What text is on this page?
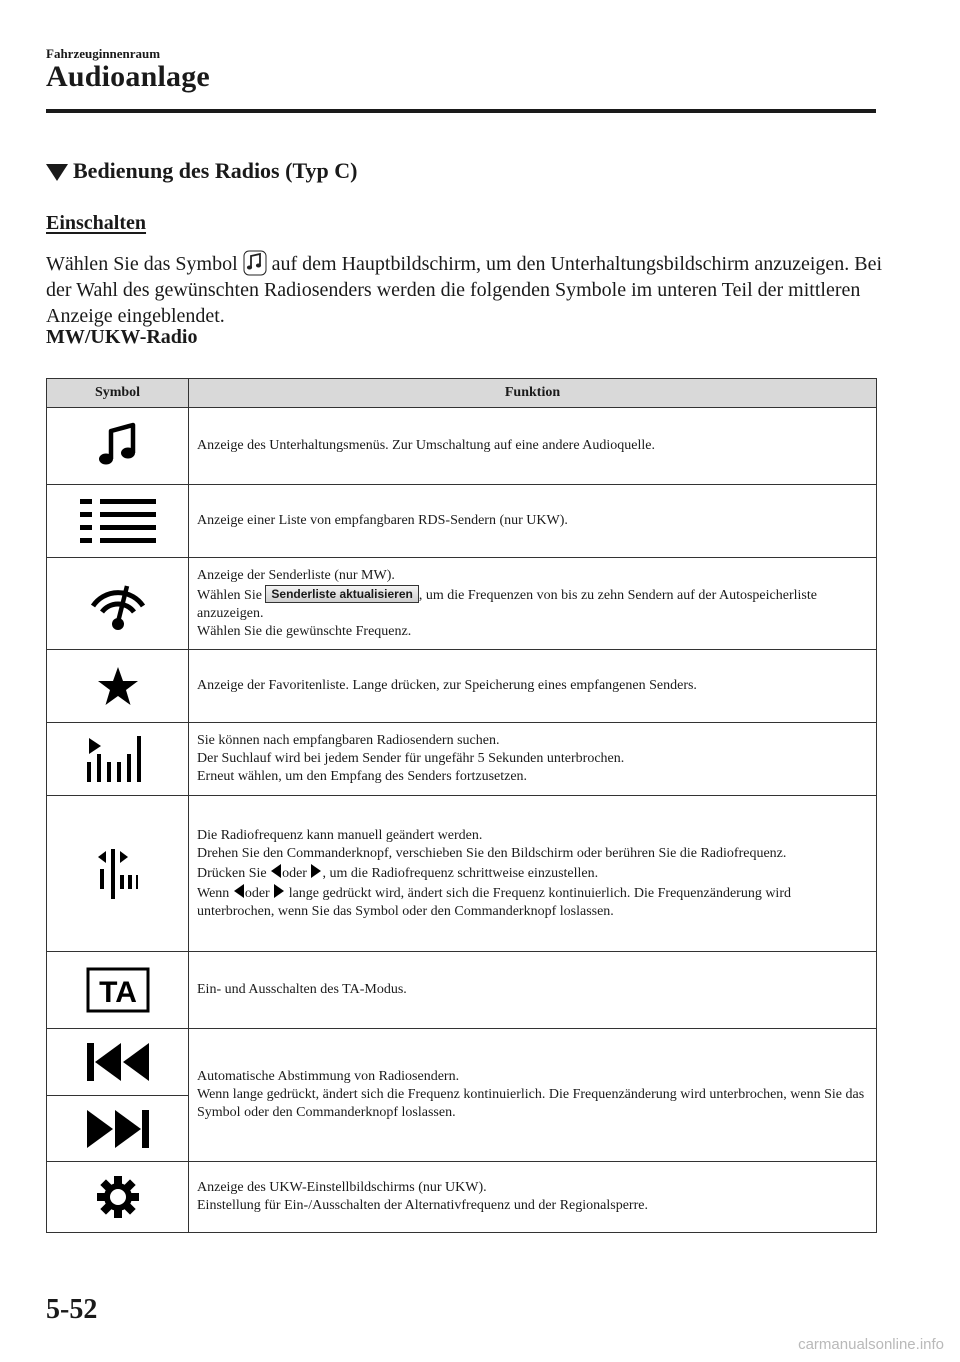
Fahrzeuginnenraum
Audioanlage
Bedienung des Radios (Typ C)
Einschalten
Wählen Sie das Symbol auf dem Hauptbildschirm, um den Unterhaltungsbildschirm anzuzeigen. Bei der Wahl des gewünschten Radiosenders werden die folgenden Symbole im unteren Teil der mittleren Anzeige eingeblendet.
MW/UKW-Radio
Symbol	Funktion

Anzeige des Unterhaltungsmenüs. Zur Umschaltung auf eine andere Audioquelle.

Anzeige einer Liste von empfangbaren RDS-Sendern (nur UKW).

Anzeige der Senderliste (nur MW).
Wählen Sie Senderliste aktualisieren , um die Frequenzen von bis zu zehn Sendern auf der Autospeicherliste anzuzeigen.
Wählen Sie die gewünschte Frequenz.

Anzeige der Favoritenliste. Lange drücken, zur Speicherung eines empfangenen Senders.

Sie können nach empfangbaren Radiosendern suchen.
Der Suchlauf wird bei jedem Sender für ungefähr 5 Sekunden unterbrochen.
Erneut wählen, um den Empfang des Senders fortzusetzen.

Die Radiofrequenz kann manuell geändert werden.
Drehen Sie den Commanderknopf, verschieben Sie den Bildschirm oder berühren Sie die Radiofrequenz.
Drücken Sie oder , um die Radiofrequenz schrittweise einzustellen.
Wenn oder lange gedrückt wird, ändert sich die Frequenz kontinuierlich. Die Frequenzänderung wird unterbrochen, wenn Sie das Symbol oder den Commanderknopf loslassen.

TA	Ein- und Ausschalten des TA-Modus.

Automatische Abstimmung von Radiosendern.
Wenn lange gedrückt, ändert sich die Frequenz kontinuierlich. Die Frequenzänderung wird unterbrochen, wenn Sie das Symbol oder den Commanderknopf loslassen.

Anzeige des UKW-Einstellbildschirms (nur UKW).
Einstellung für Ein-/Ausschalten der Alternativfrequenz und der Regionalsperre.
5-52
carmanualsonline.info
